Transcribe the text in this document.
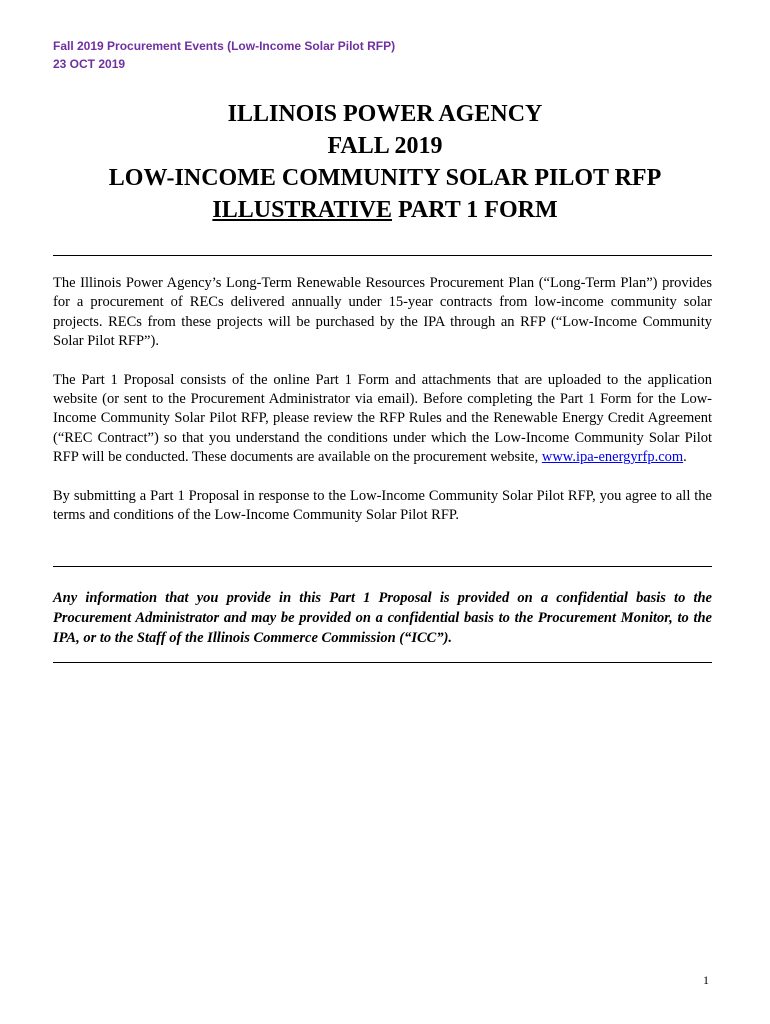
Fall 2019 Procurement Events (Low-Income Solar Pilot RFP)
23 OCT 2019
ILLINOIS POWER AGENCY
FALL 2019
LOW-INCOME COMMUNITY SOLAR PILOT RFP
ILLUSTRATIVE PART 1 FORM

The Illinois Power Agency’s Long-Term Renewable Resources Procurement Plan (“Long-Term Plan”) provides for a procurement of RECs delivered annually under 15-year contracts from low-income community solar projects. RECs from these projects will be purchased by the IPA through an RFP (“Low-Income Community Solar Pilot RFP”).

The Part 1 Proposal consists of the online Part 1 Form and attachments that are uploaded to the application website (or sent to the Procurement Administrator via email). Before completing the Part 1 Form for the Low-Income Community Solar Pilot RFP, please review the RFP Rules and the Renewable Energy Credit Agreement (“REC Contract”) so that you understand the conditions under which the Low-Income Community Solar Pilot RFP will be conducted. These documents are available on the procurement website, www.ipa-energyrfp.com.

By submitting a Part 1 Proposal in response to the Low-Income Community Solar Pilot RFP, you agree to all the terms and conditions of the Low-Income Community Solar Pilot RFP.

Any information that you provide in this Part 1 Proposal is provided on a confidential basis to the Procurement Administrator and may be provided on a confidential basis to the Procurement Monitor, to the IPA, or to the Staff of the Illinois Commerce Commission (“ICC”).
1
